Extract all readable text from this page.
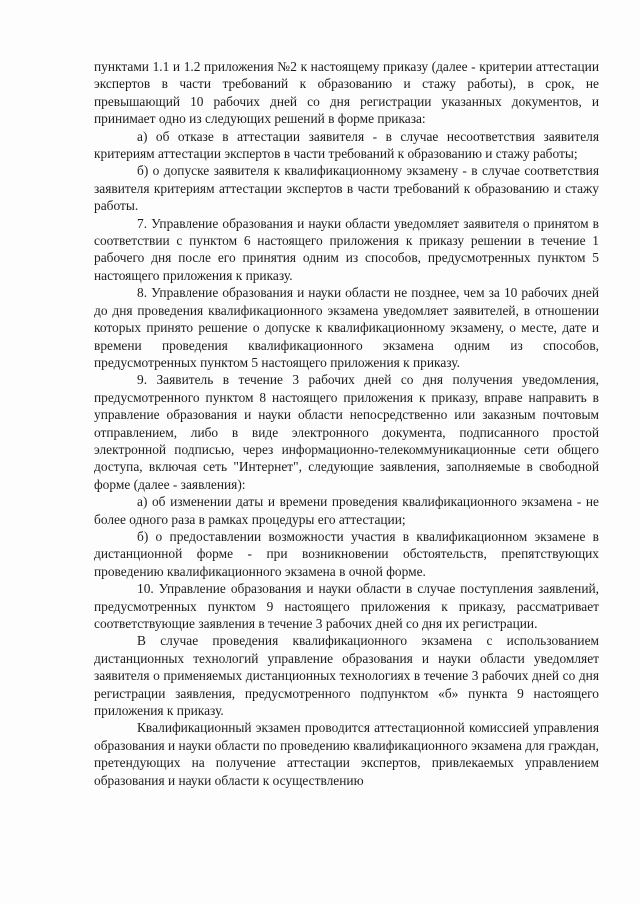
пунктами 1.1 и 1.2 приложения №2 к настоящему приказу (далее - критерии аттестации экспертов в части требований к образованию и стажу работы), в срок, не превышающий 10 рабочих дней со дня регистрации указанных документов, и принимает одно из следующих решений в форме приказа:

а) об отказе в аттестации заявителя - в случае несоответствия заявителя критериям аттестации экспертов в части требований к образованию и стажу работы;

б) о допуске заявителя к квалификационному экзамену - в случае соответствия заявителя критериям аттестации экспертов в части требований к образованию и стажу работы.

7. Управление образования и науки области уведомляет заявителя о принятом в соответствии с пунктом 6 настоящего приложения к приказу решении в течение 1 рабочего дня после его принятия одним из способов, предусмотренных пунктом 5 настоящего приложения к приказу.

8. Управление образования и науки области не позднее, чем за 10 рабочих дней до дня проведения квалификационного экзамена уведомляет заявителей, в отношении которых принято решение о допуске к квалификационному экзамену, о месте, дате и времени проведения квалификационного экзамена одним из способов, предусмотренных пунктом 5 настоящего приложения к приказу.

9. Заявитель в течение 3 рабочих дней со дня получения уведомления, предусмотренного пунктом 8 настоящего приложения к приказу, вправе направить в управление образования и науки области непосредственно или заказным почтовым отправлением, либо в виде электронного документа, подписанного простой электронной подписью, через информационно-телекоммуникационные сети общего доступа, включая сеть "Интернет", следующие заявления, заполняемые в свободной форме (далее - заявления):

а) об изменении даты и времени проведения квалификационного экзамена - не более одного раза в рамках процедуры его аттестации;

б) о предоставлении возможности участия в квалификационном экзамене в дистанционной форме - при возникновении обстоятельств, препятствующих проведению квалификационного экзамена в очной форме.

10. Управление образования и науки области в случае поступления заявлений, предусмотренных пунктом 9 настоящего приложения к приказу, рассматривает соответствующие заявления в течение 3 рабочих дней со дня их регистрации.

В случае проведения квалификационного экзамена с использованием дистанционных технологий управление образования и науки области уведомляет заявителя о применяемых дистанционных технологиях в течение 3 рабочих дней со дня регистрации заявления, предусмотренного подпунктом «б» пункта 9 настоящего приложения к приказу.

Квалификационный экзамен проводится аттестационной комиссией управления образования и науки области по проведению квалификационного экзамена для граждан, претендующих на получение аттестации экспертов, привлекаемых управлением образования и науки области к осуществлению
